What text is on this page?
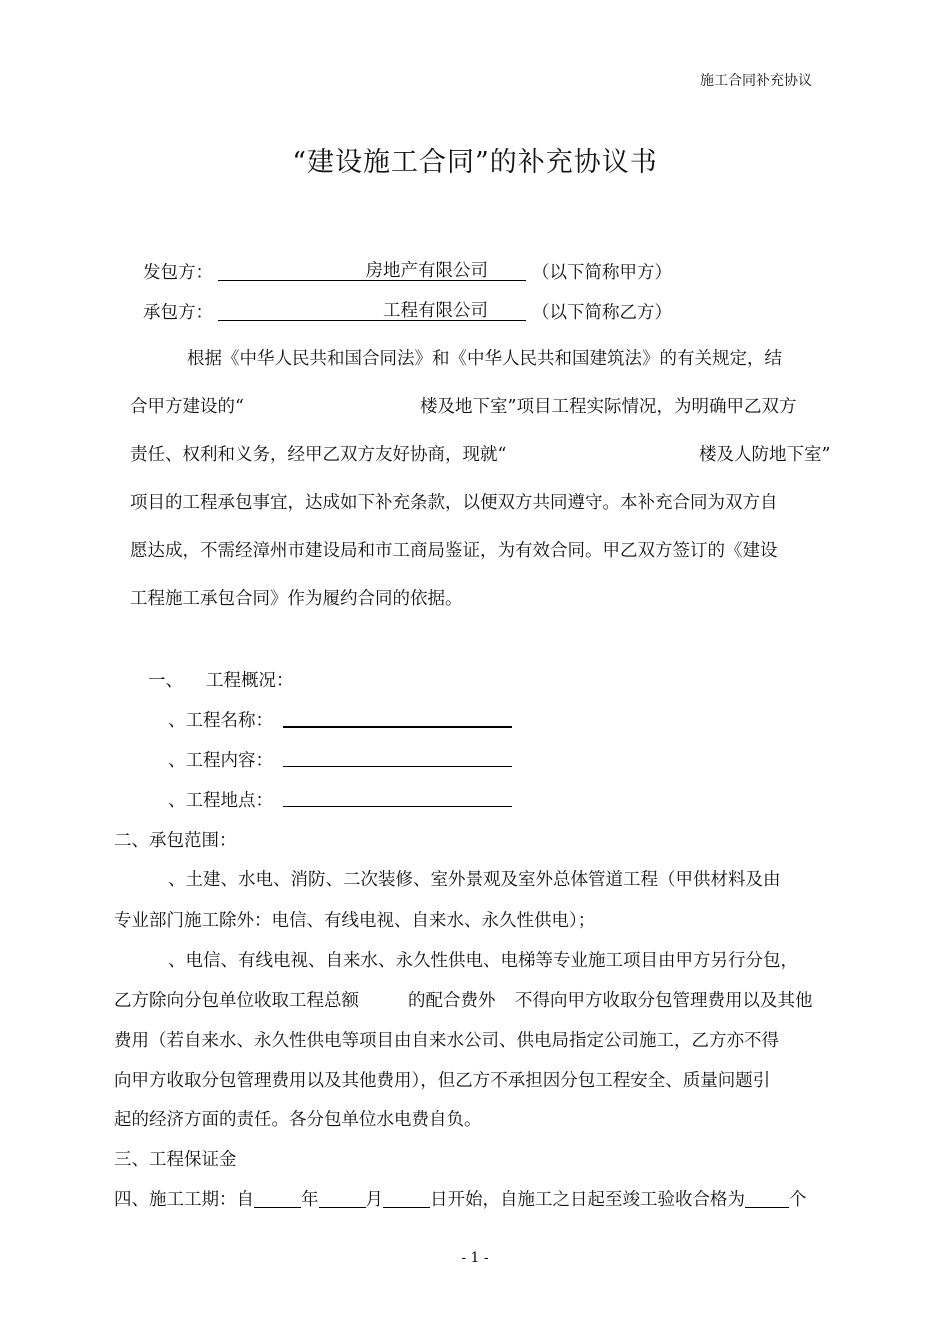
施工合同补充协议
“建设施工合同”的补充协议书
发包方：	房地产有限公司	（以下简称甲方）
承包方：	工程有限公司	（以下简称乙方）
根据《中华人民共和国合同法》和《中华人民共和国建筑法》的有关规定，结
合甲方建设的“	楼及地下室”项目工程实际情况，为明确甲乙双方
责任、权利和义务，经甲乙双方友好协商，现就“	楼及人防地下室”
项目的工程承包事宜，达成如下补充条款，以便双方共同遵守。本补充合同为双方自
愿达成，不需经漳州市建设局和市工商局鉴证，为有效合同。甲乙双方签订的《建设
工程施工承包合同》作为履约合同的依据。
一、 工程概况：
、工程名称：
、工程内容：
、工程地点：
二、承包范围：
、土建、水电、消防、二次装修、室外景观及室外总体管道工程（甲供材料及由
专业部门施工除外：电信、有线电视、自来水、永久性供电）；
、电信、有线电视、自来水、永久性供电、电梯等专业施工项目由甲方另行分包，
乙方除向分包单位收取工程总额	的配合费外 不得向甲方收取分包管理费用以及其他
费用（若自来水、永久性供电等项目由自来水公司、供电局指定公司施工，乙方亦不得
向甲方收取分包管理费用以及其他费用），但乙方不承担因分包工程安全、质量问题引
起的经济方面的责任。各分包单位水电费自负。
三、工程保证金
四、施工工期：自	年	月	日开始，自施工之日起至竣工验收合格为	个
- 1 -
